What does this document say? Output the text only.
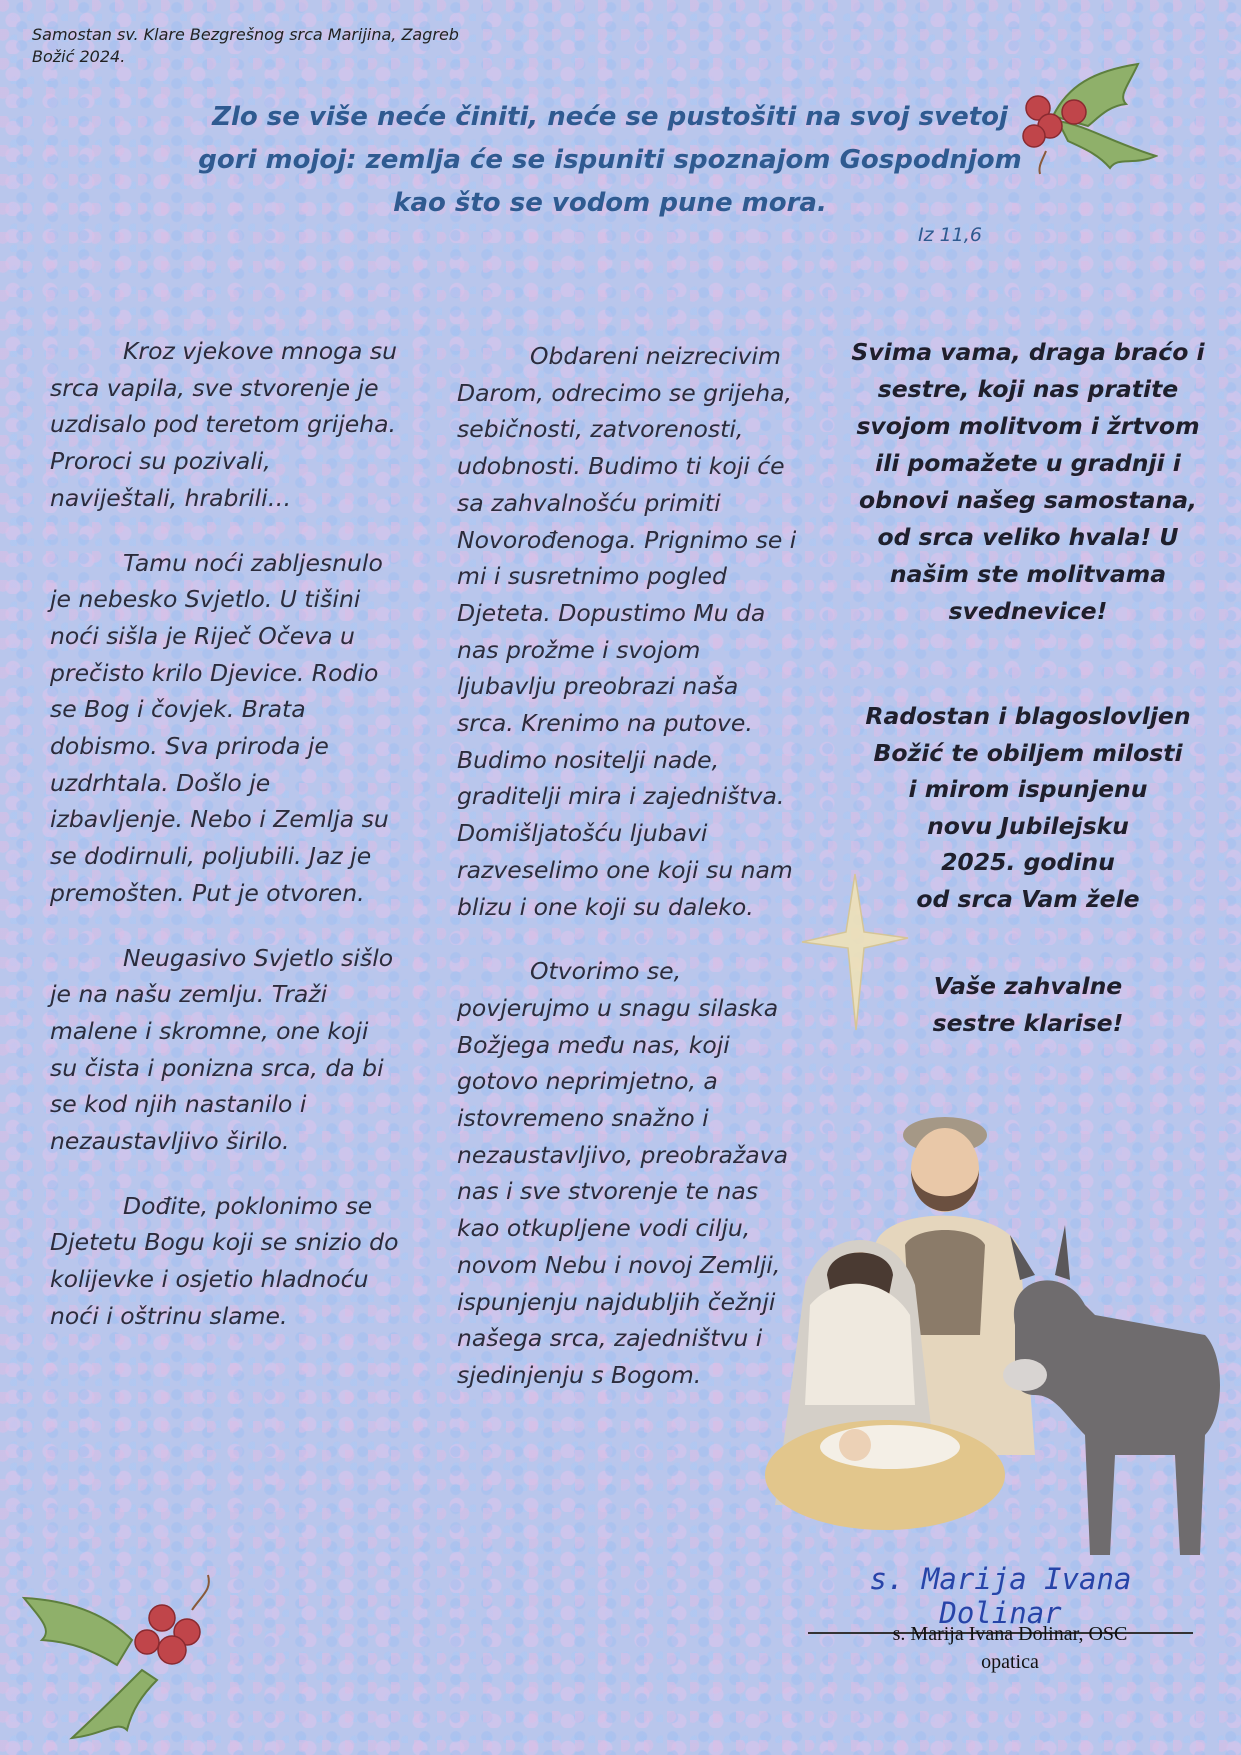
Samostan sv. Klare Bezgrešnog srca Marijina, Zagreb
Božić 2024.
Zlo se više neće činiti, neće se pustošiti na svoj svetoj gori mojoj: zemlja će se ispuniti spoznajom Gospodnjom kao što se vodom pune mora.
Iz 11,6

Kroz vjekove mnoga su srca vapila, sve stvorenje je uzdisalo pod teretom grijeha. Proroci su pozivali, naviještali, hrabrili…

Tamu noći zabljesnulo je nebesko Svjetlo. U tišini noći sišla je Riječ Očeva u prečisto krilo Djevice. Rodio se Bog i čovjek. Brata dobismo. Sva priroda je uzdrhtala. Došlo je izbavljenje. Nebo i Zemlja su se dodirnuli, poljubili. Jaz je premošten. Put je otvoren.

Neugasivo Svjetlo sišlo je na našu zemlju. Traži malene i skromne, one koji su čista i ponizna srca, da bi se kod njih nastanilo i nezaustavljivo širilo.

Dođite, poklonimo se Djetetu Bogu koji se snizio do kolijevke i osjetio hladnoću noći i oštrinu slame.

Obdareni neizrecivim Darom, odrecimo se grijeha, sebičnosti, zatvorenosti, udobnosti. Budimo ti koji će sa zahvalnošću primiti Novorođenoga. Prignimo se i mi i susretnimo pogled Djeteta. Dopustimo Mu da nas prožme i svojom ljubavlju preobrazi naša srca. Krenimo na putove. Budimo nositelji nade, graditelji mira i zajedništva. Domišljatošću ljubavi razveselimo one koji su nam blizu i one koji su daleko.

Otvorimo se, povjerujmo u snagu silaska Božjega među nas, koji gotovo neprimjetno, a istovremeno snažno i nezaustavljivo, preobražava nas i sve stvorenje te nas kao otkupljene vodi cilju, novom Nebu i novoj Zemlji, ispunjenju najdubljih čežnji našega srca, zajedništvu i sjedinjenju s Bogom.

Svima vama, draga braćo i

sestre, koji nas pratite

svojom molitvom i žrtvom

ili pomažete u gradnji i

obnovi našeg samostana,

od srca veliko hvala! U

našim ste molitvama

svednevice!

Radostan i blagoslovljen
Božić te obiljem milosti
i mirom ispunjenu
novu Jubilejsku
2025. godinu
od srca Vam žele
Vaše zahvalne
sestre klarise!
s. Marija Ivana Dolinar
s. Marija Ivana Dolinar, OSC
opatica
